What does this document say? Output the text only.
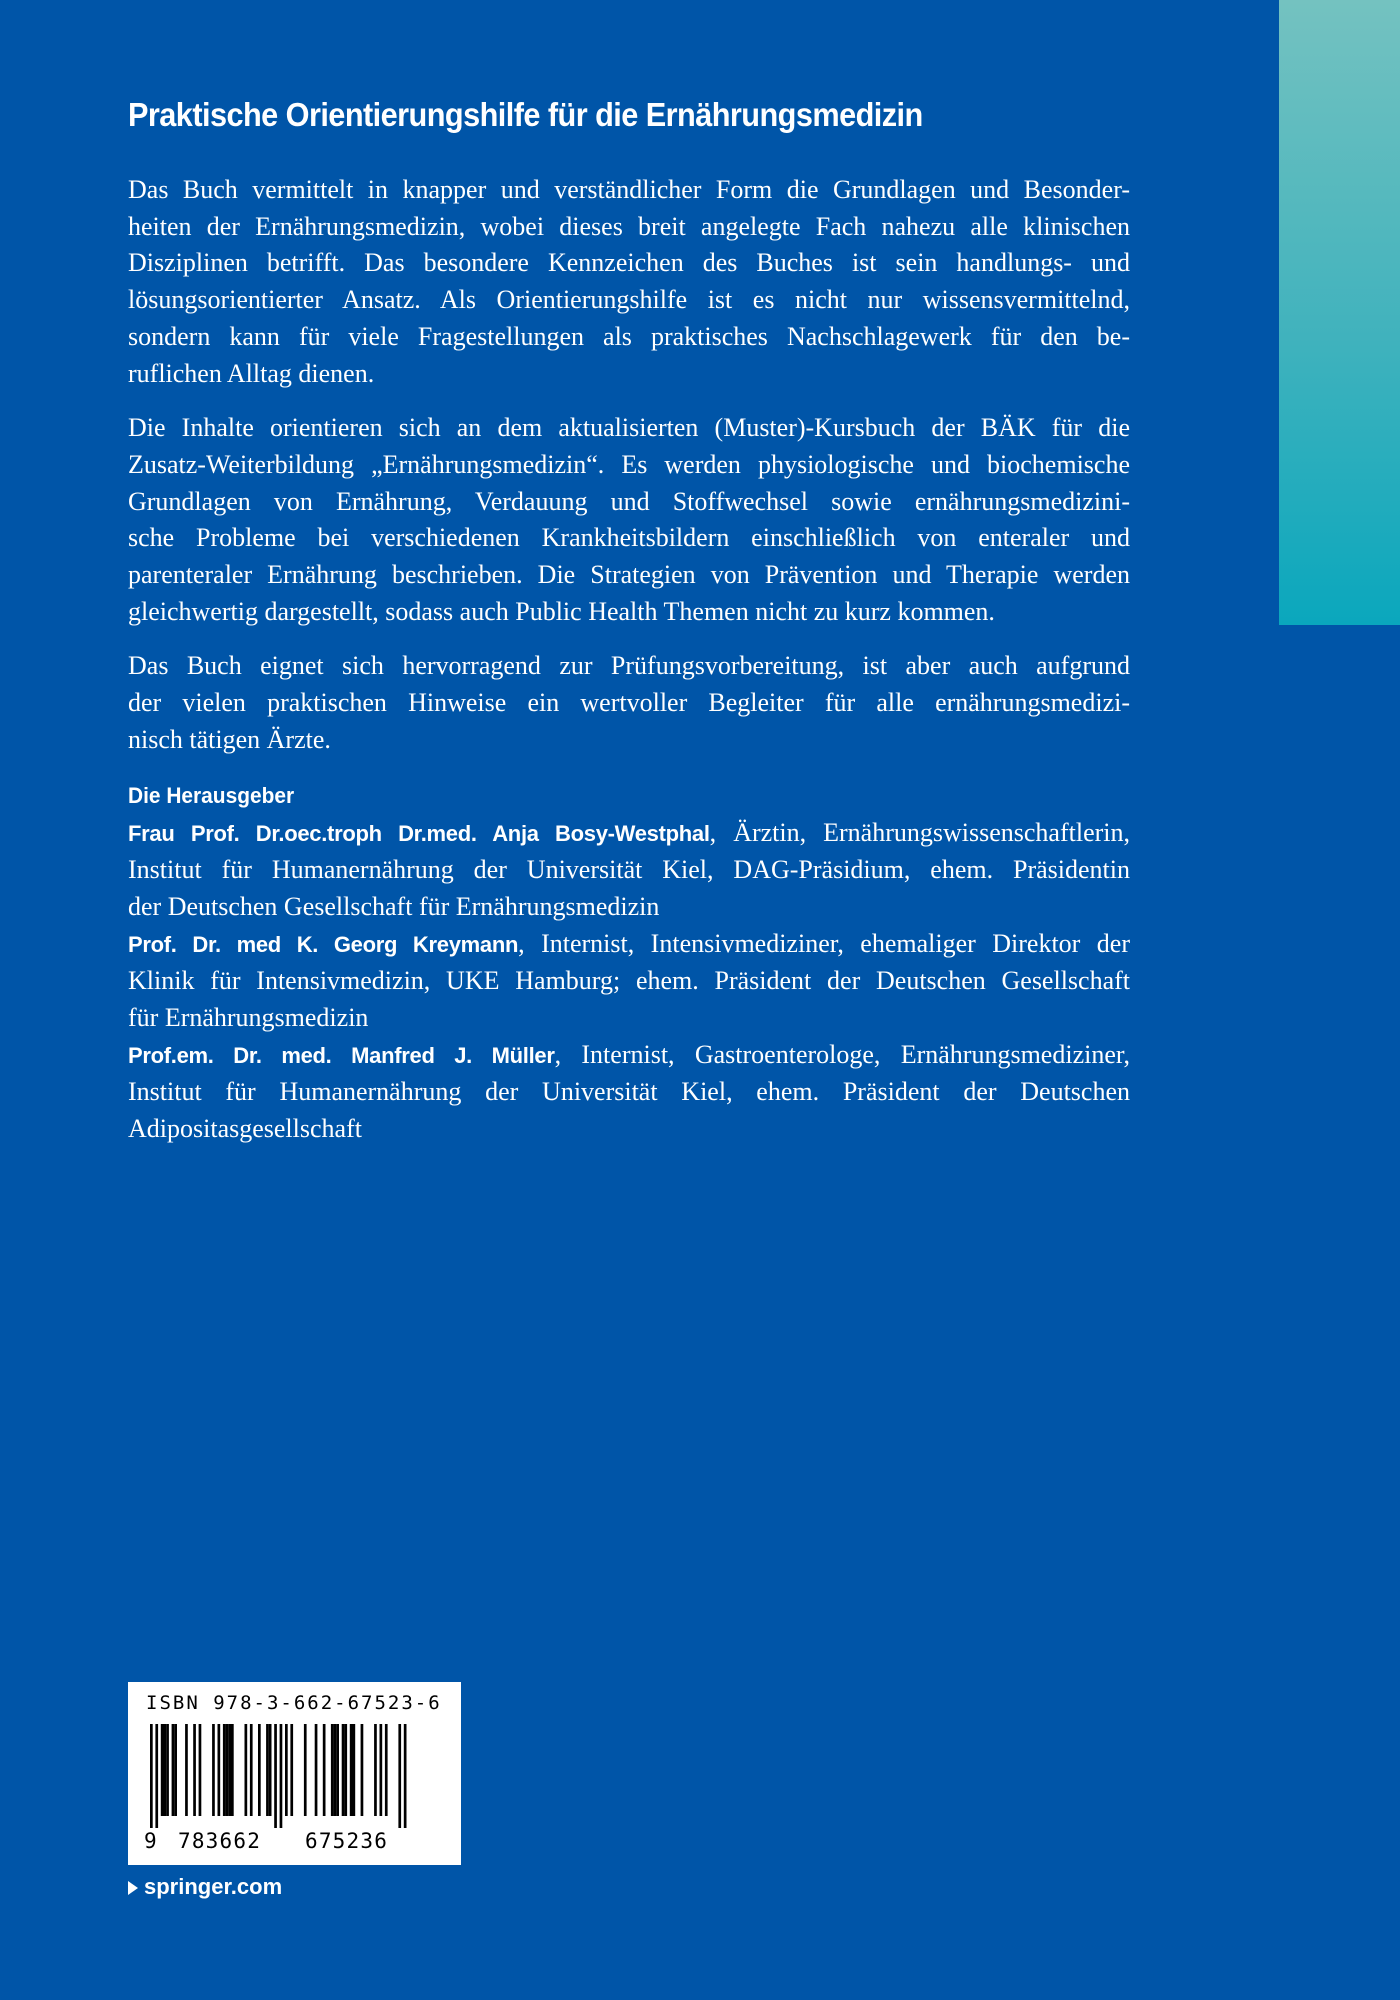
Praktische Orientierungshilfe für die Ernährungsmedizin

Das Buch vermittelt in knapper und verständlicher Form die Grundlagen und Besonder-
heiten der Ernährungsmedizin, wobei dieses breit angelegte Fach nahezu alle klinischen
Disziplinen betrifft. Das besondere Kennzeichen des Buches ist sein handlungs- und
lösungsorientierter Ansatz. Als Orientierungshilfe ist es nicht nur wissensvermittelnd,
sondern kann für viele Fragestellungen als praktisches Nachschlagewerk für den be-
ruflichen Alltag dienen.

Die Inhalte orientieren sich an dem aktualisierten (Muster)-Kursbuch der BÄK für die
Zusatz-Weiterbildung „Ernährungsmedizin“. Es werden physiologische und biochemische
Grundlagen von Ernährung, Verdauung und Stoffwechsel sowie ernährungsmedizini-
sche Probleme bei verschiedenen Krankheitsbildern einschließlich von enteraler und
parenteraler Ernährung beschrieben. Die Strategien von Prävention und Therapie werden
gleichwertig dargestellt, sodass auch Public Health Themen nicht zu kurz kommen.

Das Buch eignet sich hervorragend zur Prüfungsvorbereitung, ist aber auch aufgrund
der vielen praktischen Hinweise ein wertvoller Begleiter für alle ernährungsmedizi-
nisch tätigen Ärzte.

Die Herausgeber
Frau Prof. Dr.oec.troph Dr.med. Anja Bosy-Westphal, Ärztin, Ernährungswissenschaftlerin,
Institut für Humanernährung der Universität Kiel, DAG-Präsidium, ehem. Präsidentin
der Deutschen Gesellschaft für Ernährungsmedizin
Prof. Dr. med K. Georg Kreymann, Internist, Intensivmediziner, ehemaliger Direktor der
Klinik für Intensivmedizin, UKE Hamburg; ehem. Präsident der Deutschen Gesellschaft
für Ernährungsmedizin
Prof.em. Dr. med. Manfred J. Müller, Internist, Gastroenterologe, Ernährungsmediziner,
Institut für Humanernährung der Universität Kiel, ehem. Präsident der Deutschen
Adipositasgesellschaft
ISBN 978-3-662-67523-6
9 783662 675236
springer.com
